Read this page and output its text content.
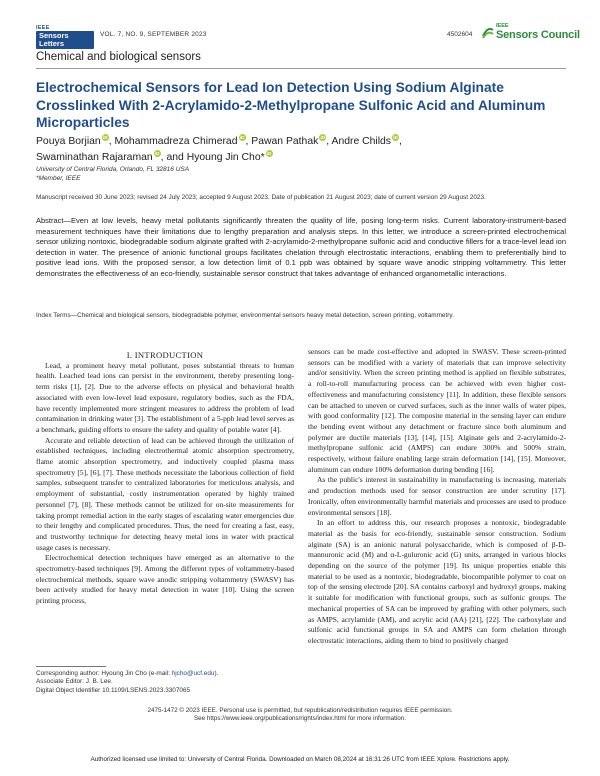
IEEE
Sensors Letters
VOL. 7, NO. 9, SEPTEMBER 2023	4502604
IEEE
Sensors Council
Chemical and biological sensors
Electrochemical Sensors for Lead Ion Detection Using Sodium Alginate Crosslinked With 2-Acrylamido-2-Methylpropane Sulfonic Acid and Aluminum Microparticles
Pouya Borjian iD, Mohammadreza Chimerad iD, Pawan Pathak iD, Andre Childs iD,
Swaminathan Rajaraman iD, and Hyoung Jin Cho* iD
University of Central Florida, Orlando, FL 32816 USA
*Member, IEEE
Manuscript received 30 June 2023; revised 24 July 2023; accepted 9 August 2023. Date of publication 21 August 2023; date of current version 29 August 2023.
Abstract—Even at low levels, heavy metal pollutants significantly threaten the quality of life, posing long-term risks. Current laboratory-instrument-based measurement techniques have their limitations due to lengthy preparation and analysis steps. In this letter, we introduce a screen-printed electrochemical sensor utilizing nontoxic, biodegradable sodium alginate grafted with 2-acrylamido-2-methylpropane sulfonic acid and conductive fillers for a trace-level lead ion detection in water. The presence of anionic functional groups facilitates chelation through electrostatic interactions, enabling them to preferentially bind to positive lead ions. With the proposed sensor, a low detection limit of 0.1 ppb was obtained by square wave anodic stripping voltammetry. This letter demonstrates the effectiveness of an eco-friendly, sustainable sensor construct that takes advantage of enhanced organometallic interactions.
Index Terms—Chemical and biological sensors, biodegradable polymer, environmental sensors heavy metal detection, screen printing, voltammetry.

I. INTRODUCTION

Lead, a prominent heavy metal pollutant, poses substantial threats to human health. Leached lead ions can persist in the environment, thereby presenting long-term risks [1], [2]. Due to the adverse effects on physical and behavioral health associated with even low-level lead exposure, regulatory bodies, such as the FDA, have recently implemented more stringent measures to address the problem of lead contamination in drinking water [3]. The establishment of a 5-ppb lead level serves as a benchmark, guiding efforts to ensure the safety and quality of potable water [4].

Accurate and reliable detection of lead can be achieved through the utilization of established techniques, including electrothermal atomic absorption spectrometry, flame atomic absorption spectrometry, and inductively coupled plasma mass spectrometry [5], [6], [7]. These methods necessitate the laborious collection of field samples, subsequent transfer to centralized laboratories for meticulous analysis, and employment of substantial, costly instrumentation operated by highly trained personnel [7], [8]. These methods cannot be utilized for on-site measurements for taking prompt remedial action in the early stages of escalating water emergencies due to their lengthy and complicated procedures. Thus, the need for creating a fast, easy, and trustworthy technique for detecting heavy metal ions in water with practical usage cases is necessary.

Electrochemical detection techniques have emerged as an alternative to the spectrometry-based techniques [9]. Among the different types of voltammetry-based electrochemical methods, square wave anodic stripping voltammetry (SWASV) has been actively studied for heavy metal detection in water [10]. Using the screen printing process,

sensors can be made cost-effective and adopted in SWASV. These screen-printed sensors can be modified with a variety of materials that can improve selectivity and/or sensitivity. When the screen printing method is applied on flexible substrates, a roll-to-roll manufacturing process can be achieved with even higher cost-effectiveness and manufacturing consistency [11]. In addition, these flexible sensors can be attached to uneven or curved surfaces, such as the inner walls of water pipes, with good conformality [12]. The composite material in the sensing layer can endure the bending event without any detachment or fracture since both aluminum and polymer are ductile materials [13], [14], [15]. Alginate gels and 2-acrylamido-2-methylpropane sulfonic acid (AMPS) can endure 300% and 500% strain, respectively, without failure enabling large strain deformation [14], [15]. Moreover, aluminum can endure 100% deformation during bending [16].

As the public's interest in sustainability in manufacturing is increasing, materials and production methods used for sensor construction are under scrutiny [17]. Ironically, often environmentally harmful materials and processes are used to produce environmental sensors [18].

In an effort to address this, our research proposes a nontoxic, biodegradable material as the basis for eco-friendly, sustainable sensor construction. Sodium alginate (SA) is an anionic natural polysaccharide, which is composed of β-D-mannuronic acid (M) and α-L-guluronic acid (G) units, arranged in various blocks depending on the source of the polymer [19]. Its unique properties enable this material to be used as a nontoxic, biodegradable, biocompatible polymer to coat on top of the sensing electrode [20]. SA contains carboxyl and hydroxyl groups, making it suitable for modification with functional groups, such as sulfonic groups. The mechanical properties of SA can be improved by grafting with other polymers, such as AMPS, acrylamide (AM), and acrylic acid (AA) [21], [22]. The carboxylate and sulfonic acid functional groups in SA and AMPS can form chelation through electrostatic interactions, aiding them to bind to positively charged

Corresponding author: Hyoung Jin Cho (e-mail: hjcho@ucf.edu).
Associate Editor: J. B. Lee.
Digital Object Identifier 10.1109/LSENS.2023.3307065
2475-1472 © 2023 IEEE. Personal use is permitted, but republication/redistribution requires IEEE permission.
See https://www.ieee.org/publications/rights/index.html for more information.
Authorized licensed use limited to: University of Central Florida. Downloaded on March 08,2024 at 16:31:26 UTC from IEEE Xplore. Restrictions apply.
